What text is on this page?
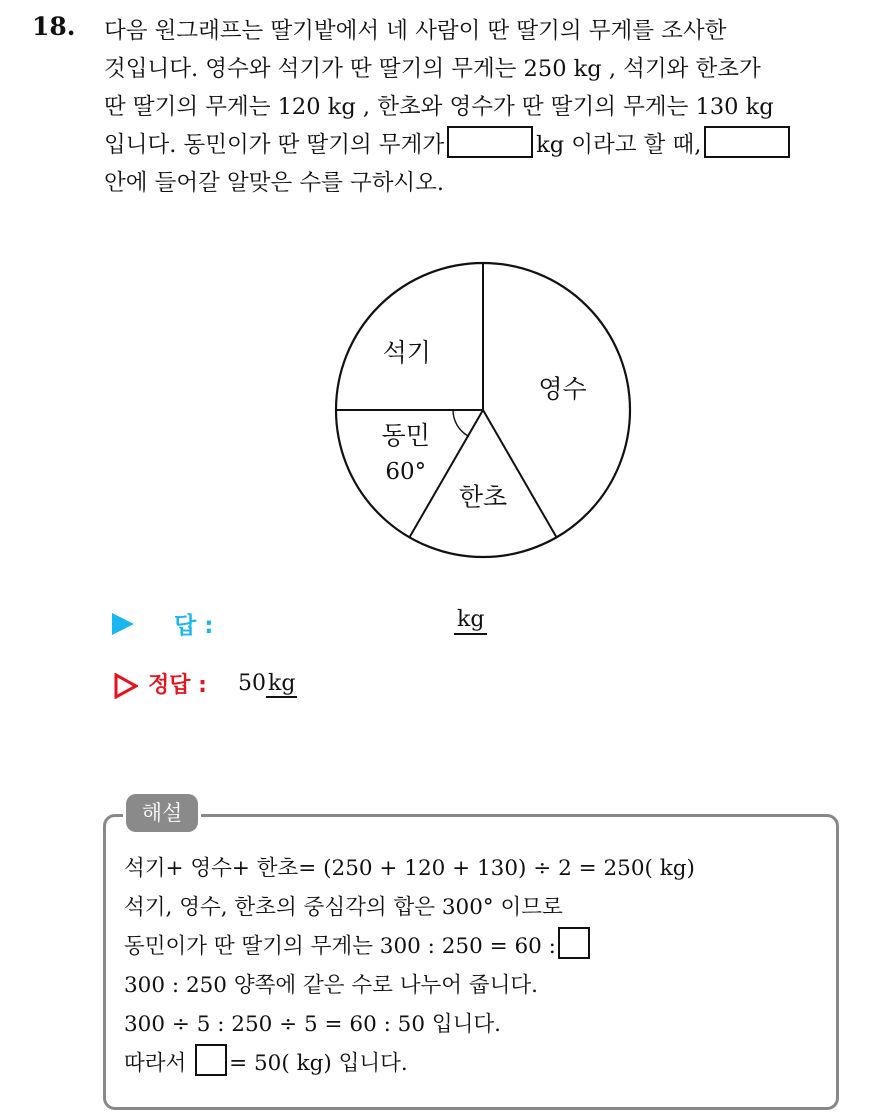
18. 다음 원그래프는 딸기밭에서 네 사람이 딴 딸기의 무게를 조사한
것입니다. 영수와 석기가 딴 딸기의 무게는 250 kg , 석기와 한초가
딴 딸기의 무게는 120 kg , 한초와 영수가 딴 딸기의 무게는 130 kg
입니다. 동민이가 딴 딸기의 무게가	kg 이라고 할 때,
안에 들어갈 알맞은 수를 구하시오.
영수
한초
동민
60°
석기
답 :	kg
정답 : 50kg
해설
석기+ 영수+ 한초= (250 + 120 + 130) ÷ 2 = 250( kg)
석기, 영수, 한초의 중심각의 합은 300° 이므로
동민이가 딴 딸기의 무게는 300 : 250 = 60 :
300 : 250 양쪽에 같은 수로 나누어 줍니다.
300 ÷ 5 : 250 ÷ 5 = 60 : 50 입니다.
따라서 = 50( kg) 입니다.
